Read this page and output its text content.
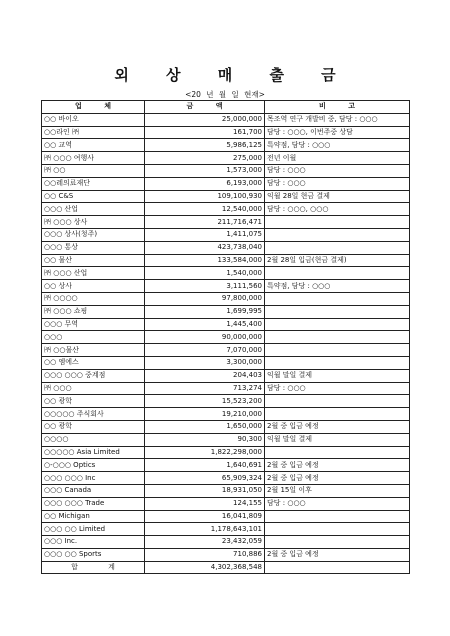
외 상 매 출 금
<20 년 월 일 현재>
업 체	금 액	비 고
○○ 바이오	25,000,000	목조역 연구 개발비 중, 담당 : ○○○
○○라인 ㈜	161,700	담당 : ○○○, 이번주중 상담
○○ 교역	5,986,125	특약점, 담당 : ○○○
㈜ ○○○ 여행사	275,000	전년 이월
㈜ ○○	1,573,000	담당 : ○○○
○○레의료재단	6,193,000	담당 : ○○○
○○ C&S	109,100,930	익월 28일 현금 결제
○○○ 산업	12,540,000	담당 : ○○○, ○○○
㈜ ○○○ 상사	211,716,471	
○○○ 상사(청주)	1,411,075	
○○○ 통상	423,738,040	
○○ 물산	133,584,000	2월 28일 입금(현금 결제)
㈜ ○○○ 산업	1,540,000	
○○ 상사	3,111,560	특약점, 담당 : ○○○
㈜ ○○○○	97,800,000	
㈜ ○○○ 쇼핑	1,699,995	
○○○ 무역	1,445,400	
○○○	90,000,000	
㈜ ○○물산	7,070,000	
○○ 엠에스	3,300,000	
○○○ ○○○ 중계점	204,403	익월 말일 결제
㈜ ○○○	713,274	담당 : ○○○
○○ 광학	15,523,200	
○○○○○ 주식회사	19,210,000	
○○ 광학	1,650,000	2월 중 입금 예정
○○○○	90,300	익월 말일 결제
○○○○○ Asia Limited	1,822,298,000	
○-○○○ Optics	1,640,691	2월 중 입금 예정
○○○ ○○○ Inc	65,909,324	2월 중 입금 예정
○○○ Canada	18,931,050	2월 15일 이후
○○○ ○○○ Trade	124,155	담당 : ○○○
○○ Michigan	16,041,809	
○○○ ○○ Limited	1,178,643,101	
○○○ Inc.	23,432,059	
○○○ ○○ Sports	710,886	2월 중 입금 예정
합 계	4,302,368,548	
